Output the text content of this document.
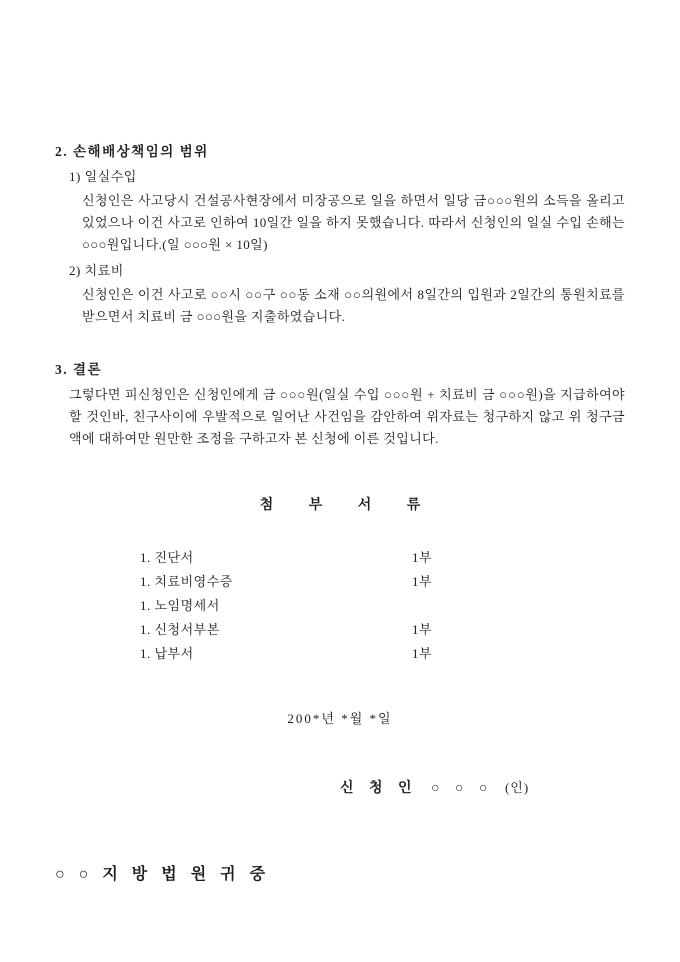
2. 손해배상책임의 범위

1) 일실수입

신청인은 사고당시 건설공사현장에서 미장공으로 일을 하면서 일당 금○○○원의 소득을 올리고 있었으나 이건 사고로 인하여 10일간 일을 하지 못했습니다. 따라서 신청인의 일실 수입 손해는 ○○○원입니다.(일 ○○○원 × 10일)

2) 치료비

신청인은 이건 사고로 ○○시 ○○구 ○○동 소재 ○○의원에서 8일간의 입원과 2일간의 통원치료를 받으면서 치료비 금 ○○○원을 지출하였습니다.

3. 결론

그렇다면 피신청인은 신청인에게 금 ○○○원(일실 수입 ○○○원 + 치료비 금 ○○○원)을 지급하여야 할 것인바, 친구사이에 우발적으로 일어난 사건임을 감안하여 위자료는 청구하지 않고 위 청구금액에 대하여만 원만한 조정을 구하고자 본 신청에 이른 것입니다.

첨 부 서 류

1. 진단서	1부
1. 치료비영수증	1부
1. 노임명세서
1. 신청서부본	1부
1. 납부서	1부

200*년 *월 *일

신 청 인 ○ ○ ○ (인)

○ ○ 지 방 법 원 귀 중
